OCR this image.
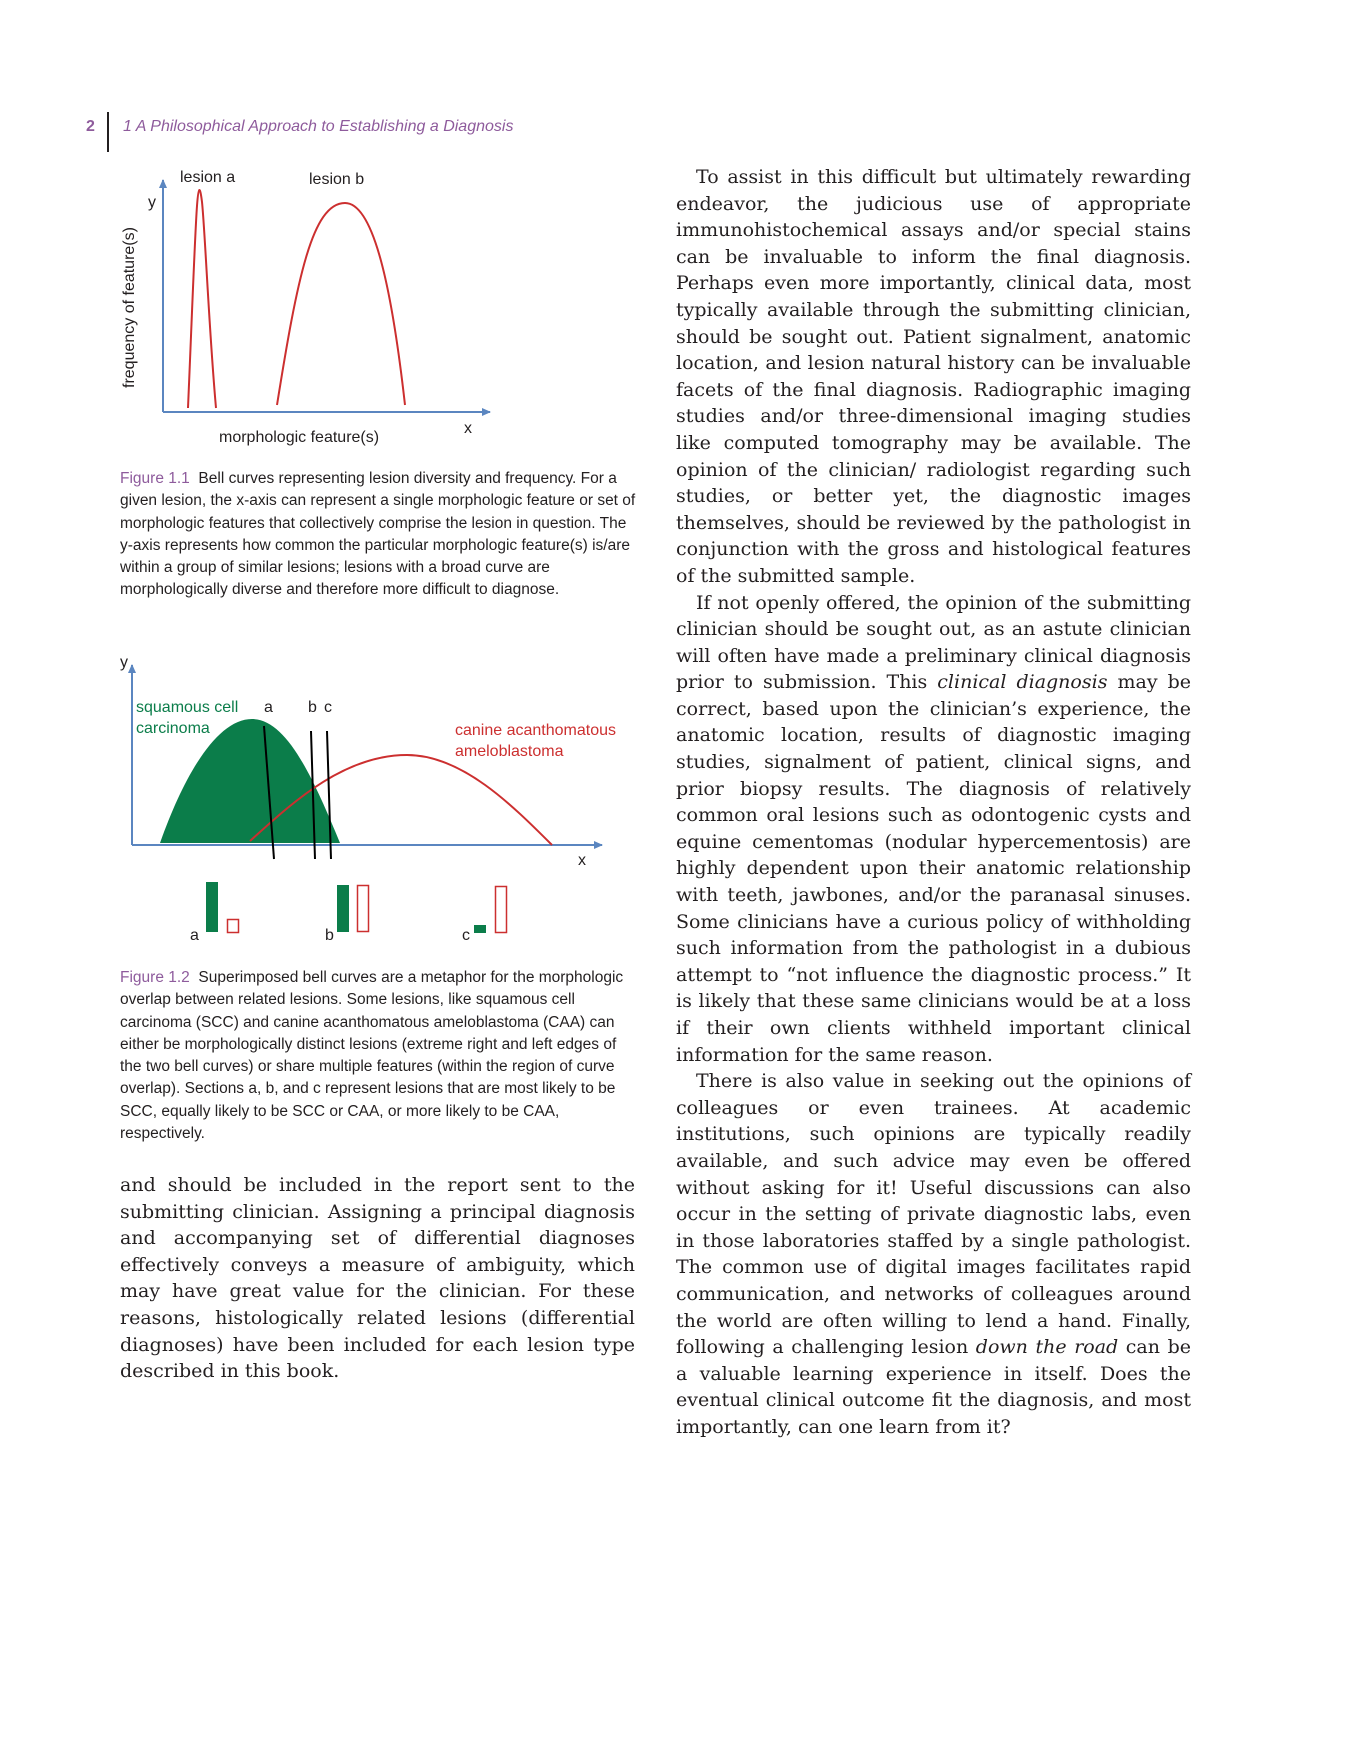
2 1 A Philosophical Approach to Establishing a Diagnosis
y
x
frequency of feature(s)
morphologic feature(s)
lesion a	lesion b
Figure 1.1 Bell curves representing lesion diversity and frequency. For a given lesion, the x-axis can represent a single morphologic feature or set of morphologic features that collectively comprise the lesion in question. The y-axis represents how common the particular morphologic feature(s) is/are within a group of similar lesions; lesions with a broad curve are morphologically diverse and therefore more difficult to diagnose.
y
x
a b c
squamous cell
carcinoma	canine acanthomatous
ameloblastoma
a	b	c
Figure 1.2 Superimposed bell curves are a metaphor for the morphologic overlap between related lesions. Some lesions, like squamous cell carcinoma (SCC) and canine acanthomatous ameloblastoma (CAA) can either be morphologically distinct lesions (extreme right and left edges of the two bell curves) or share multiple features (within the region of curve overlap). Sections a, b, and c represent lesions that are most likely to be SCC, equally likely to be SCC or CAA, or more likely to be CAA, respectively.

and should be included in the report sent to the submitting clinician. Assigning a principal diagnosis and accompanying set of differential diagnoses effectively conveys a measure of ambiguity, which may have great value for the clinician. For these reasons, histologically related lesions (differential diagnoses) have been included for each lesion type described in this book.

To assist in this difficult but ultimately rewarding endeavor, the judicious use of appropriate immunohistochemical assays and/or special stains can be invaluable to inform the final diagnosis. Perhaps even more importantly, clinical data, most typically available through the submitting clinician, should be sought out. Patient signalment, anatomic location, and lesion natural history can be invaluable facets of the final diagnosis. Radiographic imaging studies and/or three-dimensional imaging studies like computed tomography may be available. The opinion of the clinician/ radiologist regarding such studies, or better yet, the diagnostic images themselves, should be reviewed by the pathologist in conjunction with the gross and histological features of the submitted sample.

If not openly offered, the opinion of the submitting clinician should be sought out, as an astute clinician will often have made a preliminary clinical diagnosis prior to submission. This clinical diagnosis may be correct, based upon the clinician’s experience, the anatomic location, results of diagnostic imaging studies, signalment of patient, clinical signs, and prior biopsy results. The diagnosis of relatively common oral lesions such as odontogenic cysts and equine cementomas (nodular hypercementosis) are highly dependent upon their anatomic relationship with teeth, jawbones, and/or the paranasal sinuses. Some clinicians have a curious policy of withholding such information from the pathologist in a dubious attempt to “not influence the diagnostic process.” It is likely that these same clinicians would be at a loss if their own clients withheld important clinical information for the same reason.

There is also value in seeking out the opinions of colleagues or even trainees. At academic institutions, such opinions are typically readily available, and such advice may even be offered without asking for it! Useful discussions can also occur in the setting of private diagnostic labs, even in those laboratories staffed by a single pathologist. The common use of digital images facilitates rapid communication, and networks of colleagues around the world are often willing to lend a hand. Finally, following a challenging lesion down the road can be a valuable learning experience in itself. Does the eventual clinical outcome fit the diagnosis, and most importantly, can one learn from it?
